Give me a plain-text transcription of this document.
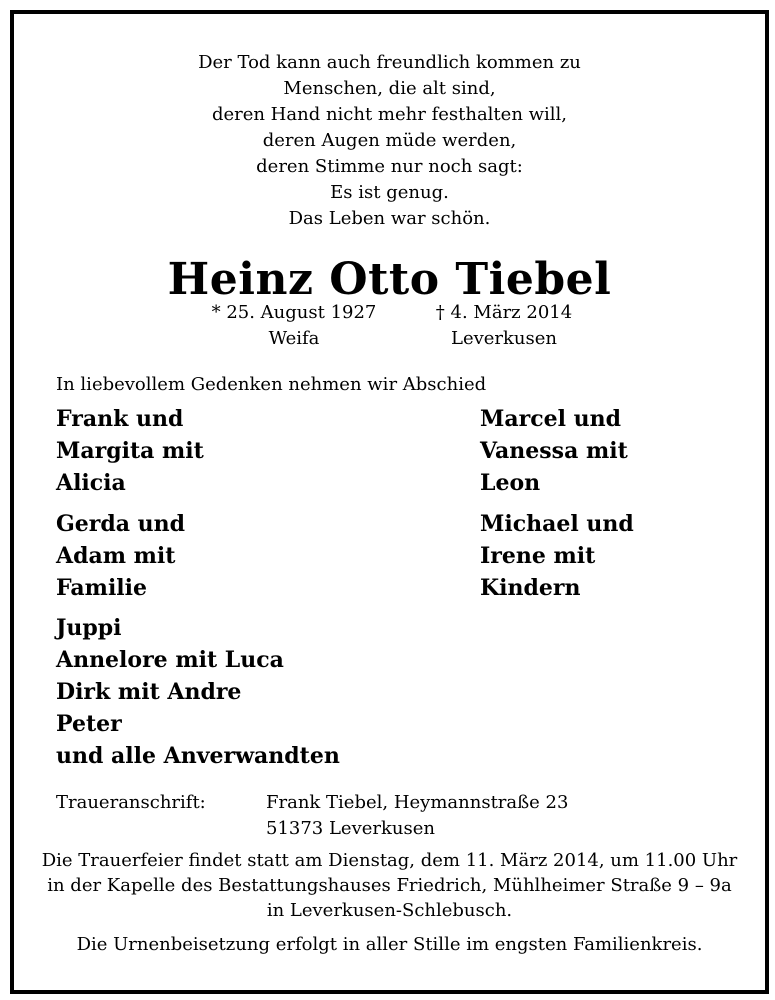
Der Tod kann auch freundlich kommen zu
Menschen, die alt sind,
deren Hand nicht mehr festhalten will,
deren Augen müde werden,
deren Stimme nur noch sagt:
Es ist genug.
Das Leben war schön.
Heinz Otto Tiebel
* 25. August 1927
Weifa
† 4. März 2014
Leverkusen
In liebevollem Gedenken nehmen wir Abschied
Frank und
Margita mit
Alicia
Marcel und
Vanessa mit
Leon
Gerda und
Adam mit
Familie
Michael und
Irene mit
Kindern
Juppi
Annelore mit Luca
Dirk mit Andre
Peter
und alle Anverwandten
Traueranschrift:	Frank Tiebel, Heymannstraße 23
51373 Leverkusen
Die Trauerfeier findet statt am Dienstag, dem 11. März 2014, um 11.00 Uhr
in der Kapelle des Bestattungshauses Friedrich, Mühlheimer Straße 9 – 9a
in Leverkusen-Schlebusch.
Die Urnenbeisetzung erfolgt in aller Stille im engsten Familienkreis.
